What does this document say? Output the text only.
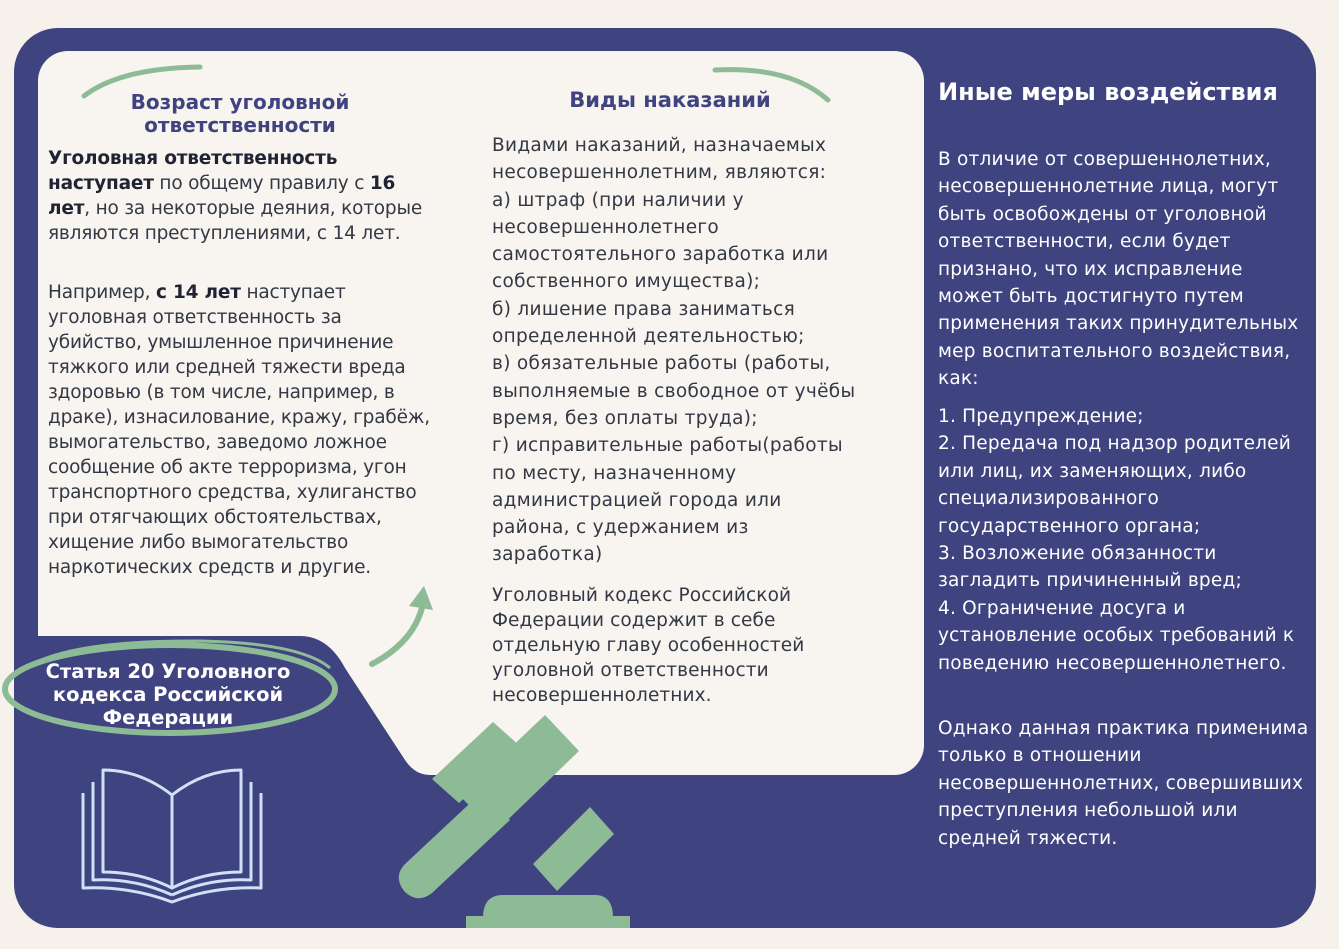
Возраст уголовной ответственности

Уголовная ответственность наступает по общему правилу с 16 лет, но за некоторые деяния, которые являются преступлениями, с 14 лет.

Например, с 14 лет наступает уголовная ответственность за убийство, умышленное причинение тяжкого или средней тяжести вреда здоровью (в том числе, например, в драке), изнасилование, кражу, грабёж, вымогательство, заведомо ложное сообщение об акте терроризма, угон транспортного средства, хулиганство при отягчающих обстоятельствах, хищение либо вымогательство наркотических средств и другие.

Виды наказаний
Видами наказаний, назначаемых несовершеннолетним, являются:
а) штраф (при наличии у несовершеннолетнего самостоятельного заработка или собственного имущества);
б) лишение права заниматься определенной деятельностью;
в) обязательные работы (работы, выполняемые в свободное от учёбы время, без оплаты труда);
г) исправительные работы(работы по месту, назначенному администрацией города или района, с удержанием из заработка)

Уголовный кодекс Российской Федерации содержит в себе отдельную главу особенностей уголовной ответственности несовершеннолетних.

Иные меры воздействия

В отличие от совершеннолетних, несовершеннолетние лица, могут быть освобождены от уголовной ответственности, если будет признано, что их исправление может быть достигнуто путем применения таких принудительных мер воспитательного воздействия, как:

1. Предупреждение;
2. Передача под надзор родителей или лиц, их заменяющих, либо специализированного государственного органа;
3. Возложение обязанности загладить причиненный вред;
4. Ограничение досуга и установление особых требований к поведению несовершеннолетнего.

Однако данная практика применима только в отношении несовершеннолетних, совершивших преступления небольшой или средней тяжести.

Статья 20 Уголовного кодекса Российской Федерации
